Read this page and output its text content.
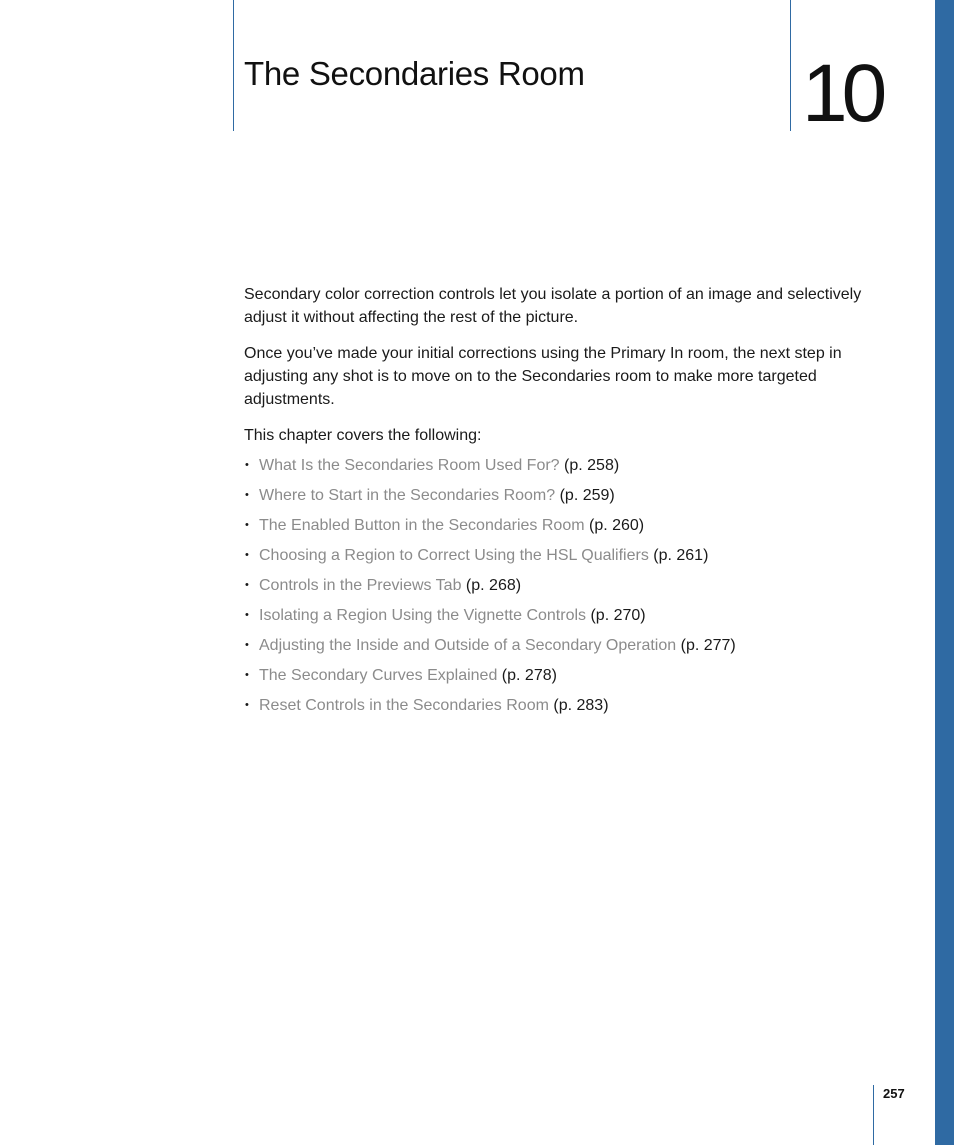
The Secondaries Room	10

Secondary color correction controls let you isolate a portion of an image and selectively adjust it without affecting the rest of the picture.

Once you’ve made your initial corrections using the Primary In room, the next step in adjusting any shot is to move on to the Secondaries room to make more targeted adjustments.

This chapter covers the following:

• What Is the Secondaries Room Used For? (p. 258)
• Where to Start in the Secondaries Room? (p. 259)
• The Enabled Button in the Secondaries Room (p. 260)
• Choosing a Region to Correct Using the HSL Qualifiers (p. 261)
• Controls in the Previews Tab (p. 268)
• Isolating a Region Using the Vignette Controls (p. 270)
• Adjusting the Inside and Outside of a Secondary Operation (p. 277)
• The Secondary Curves Explained (p. 278)
• Reset Controls in the Secondaries Room (p. 283)
257
